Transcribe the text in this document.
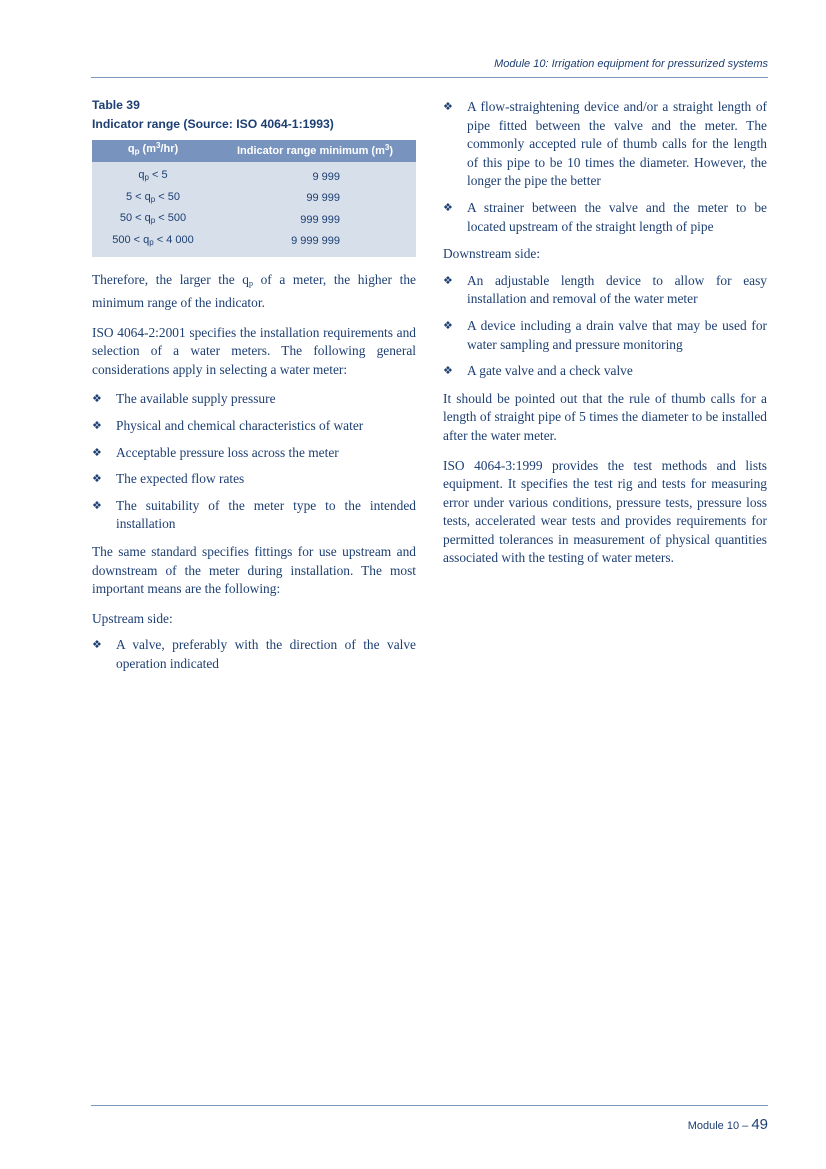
Module 10: Irrigation equipment for pressurized systems
Table 39
Indicator range (Source: ISO 4064-1:1993)
$q_p$ $(m^3/hr)$	Indicator range minimum $(m^3)$
$q_p < 5$	9 999
$5 < q_p < 50$	99 999
$50 < q_p < 500$	999 999
$500 < q_p < 4$ 000	9 999 999

Therefore, the larger the $q_p$ of a meter, the higher the minimum range of the indicator.

ISO 4064-2:2001 specifies the installation requirements and selection of a water meters. The following general considerations apply in selecting a water meter:

❖ The available supply pressure
❖ Physical and chemical characteristics of water
❖ Acceptable pressure loss across the meter
❖ The expected flow rates
❖ The suitability of the meter type to the intended installation

The same standard specifies fittings for use upstream and downstream of the meter during installation. The most important means are the following:

Upstream side:

❖ A valve, preferably with the direction of the valve operation indicated
❖ A flow-straightening device and/or a straight length of pipe fitted between the valve and the meter. The commonly accepted rule of thumb calls for the length of this pipe to be 10 times the diameter. However, the longer the pipe the better
❖ A strainer between the valve and the meter to be located upstream of the straight length of pipe

Downstream side:

❖ An adjustable length device to allow for easy installation and removal of the water meter
❖ A device including a drain valve that may be used for water sampling and pressure monitoring
❖ A gate valve and a check valve

It should be pointed out that the rule of thumb calls for a length of straight pipe of 5 times the diameter to be installed after the water meter.

ISO 4064-3:1999 provides the test methods and lists equipment. It specifies the test rig and tests for measuring error under various conditions, pressure tests, pressure loss tests, accelerated wear tests and provides requirements for permitted tolerances in measurement of physical quantities associated with the testing of water meters.

Module 10 – 49
